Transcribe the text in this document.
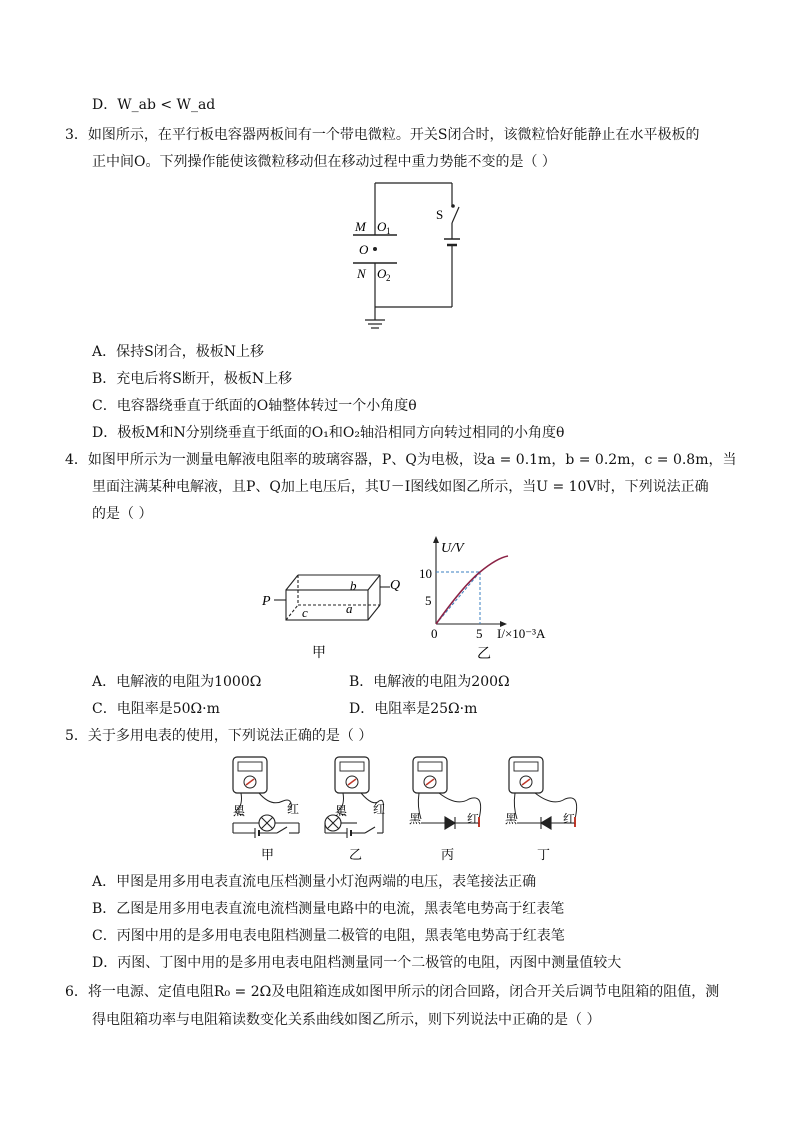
D．W_ab < W_ad
3．如图所示，在平行板电容器两板间有一个带电微粒。开关S闭合时，该微粒恰好能静止在水平极板的
正中间O。下列操作能使该微粒移动但在移动过程中重力势能不变的是（ ）
M O 1
O
N O 2
S
A．保持S闭合，极板N上移
B．充电后将S断开，极板N上移
C．电容器绕垂直于纸面的O轴整体转过一个小角度θ
D．极板M和N分别绕垂直于纸面的O₁和O₂轴沿相同方向转过相同的小角度θ
4．如图甲所示为一测量电解液电阻率的玻璃容器，P、Q为电极，设a = 0.1m，b = 0.2m，c = 0.8m，当
里面注满某种电解液，且P、Q加上电压后，其U－I图线如图乙所示，当U = 10V时，下列说法正确
的是（ ）
P
Q
b
a
c
甲
U/V
10
5
0	5 I/×10⁻³A
乙
A．电解液的电阻为1000Ω	B．电解液的电阻为200Ω
C．电阻率是50Ω·m	D．电阻率是25Ω·m
5．关于多用电表的使用，下列说法正确的是（ ）
黑	红
甲
黑 红
乙
黑	红
丙
黑	红
丁
A．甲图是用多用电表直流电压档测量小灯泡两端的电压，表笔接法正确
B．乙图是用多用电表直流电流档测量电路中的电流，黑表笔电势高于红表笔
C．丙图中用的是多用电表电阻档测量二极管的电阻，黑表笔电势高于红表笔
D．丙图、丁图中用的是多用电表电阻档测量同一个二极管的电阻，丙图中测量值较大
6．将一电源、定值电阻R₀ = 2Ω及电阻箱连成如图甲所示的闭合回路，闭合开关后调节电阻箱的阻值，测
得电阻箱功率与电阻箱读数变化关系曲线如图乙所示，则下列说法中正确的是（ ）
